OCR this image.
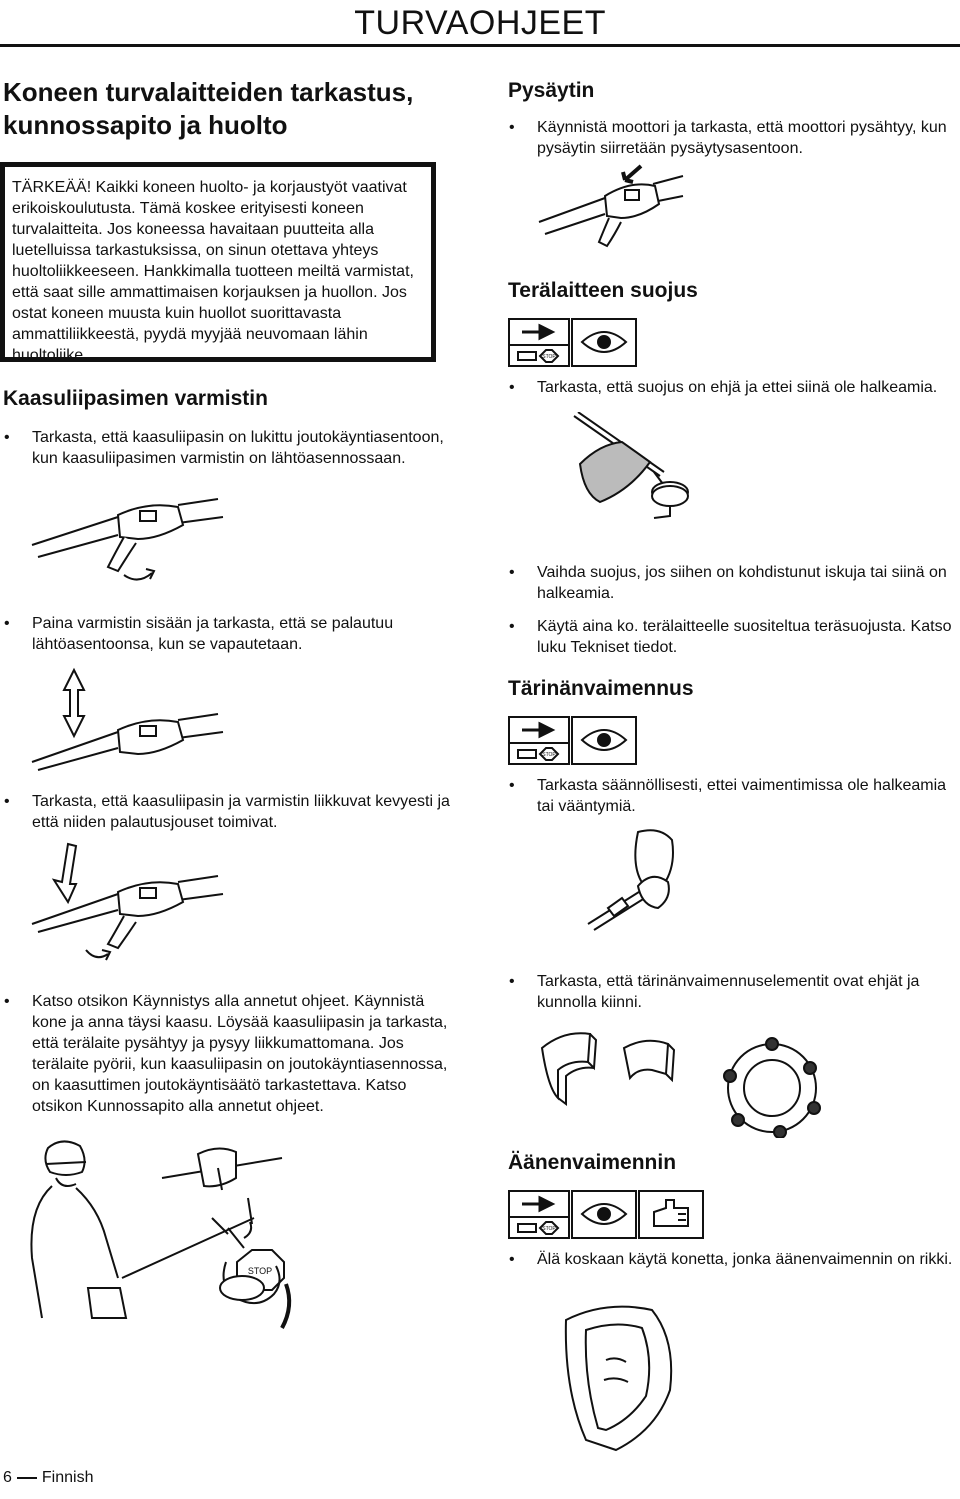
TURVAOHJEET
Koneen turvalaitteiden tarkastus,
kunnossapito ja huolto

TÄRKEÄÄ! Kaikki koneen huolto- ja korjaustyöt vaativat erikoiskoulutusta. Tämä koskee erityisesti koneen turvalaitteita. Jos koneessa havaitaan puutteita alla luetelluissa tarkastuksissa, on sinun otettava yhteys huoltoliikkeeseen. Hankkimalla tuotteen meiltä varmistat, että saat sille ammattimaisen korjauksen ja huollon. Jos ostat koneen muusta kuin huollot suorittavasta ammattiliikkeestä, pyydä myyjää neuvomaan lähin huoltoliike.

Kaasuliipasimen varmistin
• Tarkasta, että kaasuliipasin on lukittu joutokäyntiasentoon, kun kaasuliipasimen varmistin on lähtöasennossaan.
• Paina varmistin sisään ja tarkasta, että se palautuu lähtöasentoonsa, kun se vapautetaan.
• Tarkasta, että kaasuliipasin ja varmistin liikkuvat kevyesti ja että niiden palautusjouset toimivat.
• Katso otsikon Käynnistys alla annetut ohjeet. Käynnistä kone ja anna täysi kaasu. Löysää kaasuliipasin ja tarkasta, että terälaite pysähtyy ja pysyy liikkumattomana. Jos terälaite pyörii, kun kaasuliipasin on joutokäyntiasennossa, on kaasuttimen joutokäyntisäätö tarkastettava. Katso otsikon Kunnossapito alla annetut ohjeet.
STOP
Pysäytin
• Käynnistä moottori ja tarkasta, että moottori pysähtyy, kun pysäytin siirretään pysäytysasentoon.
Terälaitteen suojus
STOP
• Tarkasta, että suojus on ehjä ja ettei siinä ole halkeamia.
• Vaihda suojus, jos siihen on kohdistunut iskuja tai siinä on halkeamia.
• Käytä aina ko. terälaitteelle suositeltua teräsuojusta. Katso luku Tekniset tiedot.
Tärinänvaimennus
STOP
• Tarkasta säännöllisesti, ettei vaimentimissa ole halkeamia tai vääntymiä.
• Tarkasta, että tärinänvaimennuselementit ovat ehjät ja kunnolla kiinni.
Äänenvaimennin
STOP
• Älä koskaan käytä konetta, jonka äänenvaimennin on rikki.
6 Finnish
